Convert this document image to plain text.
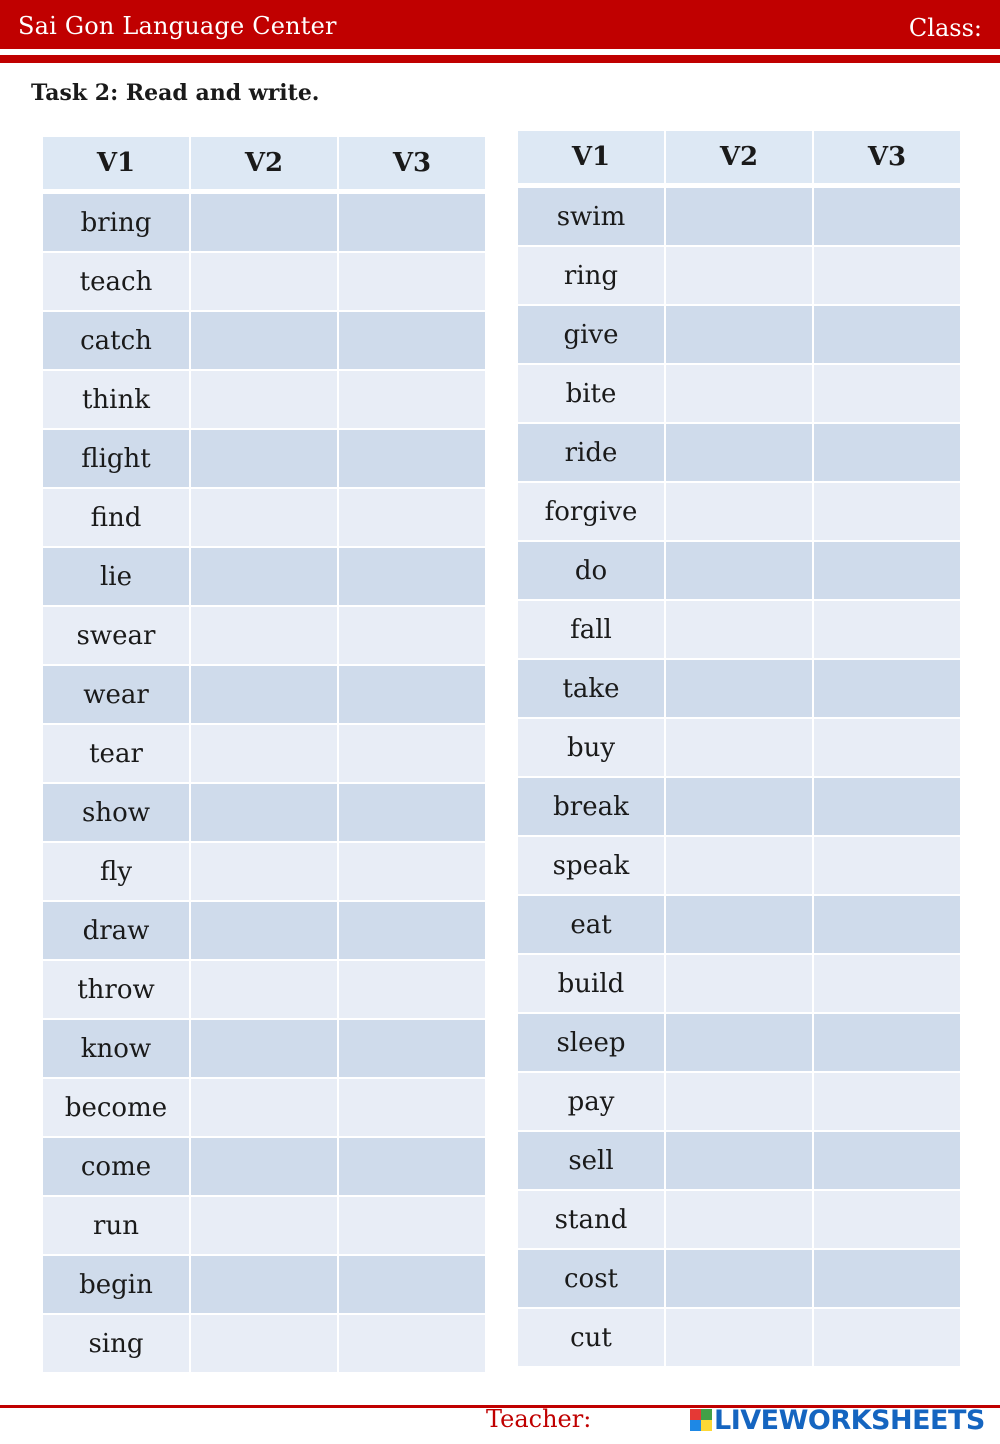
Sai Gon Language Center	Class:
Task 2: Read and write.
V1	V2	V3
bring
teach
catch
think
flight
find
lie
swear
wear
tear
show
fly
draw
throw
know
become
come
run
begin
sing
V1	V2	V3
swim
ring
give
bite
ride
forgive
do
fall
take
buy
break
speak
eat
build
sleep
pay
sell
stand
cost
cut
Teacher:	LIVEWORKSHEETS
